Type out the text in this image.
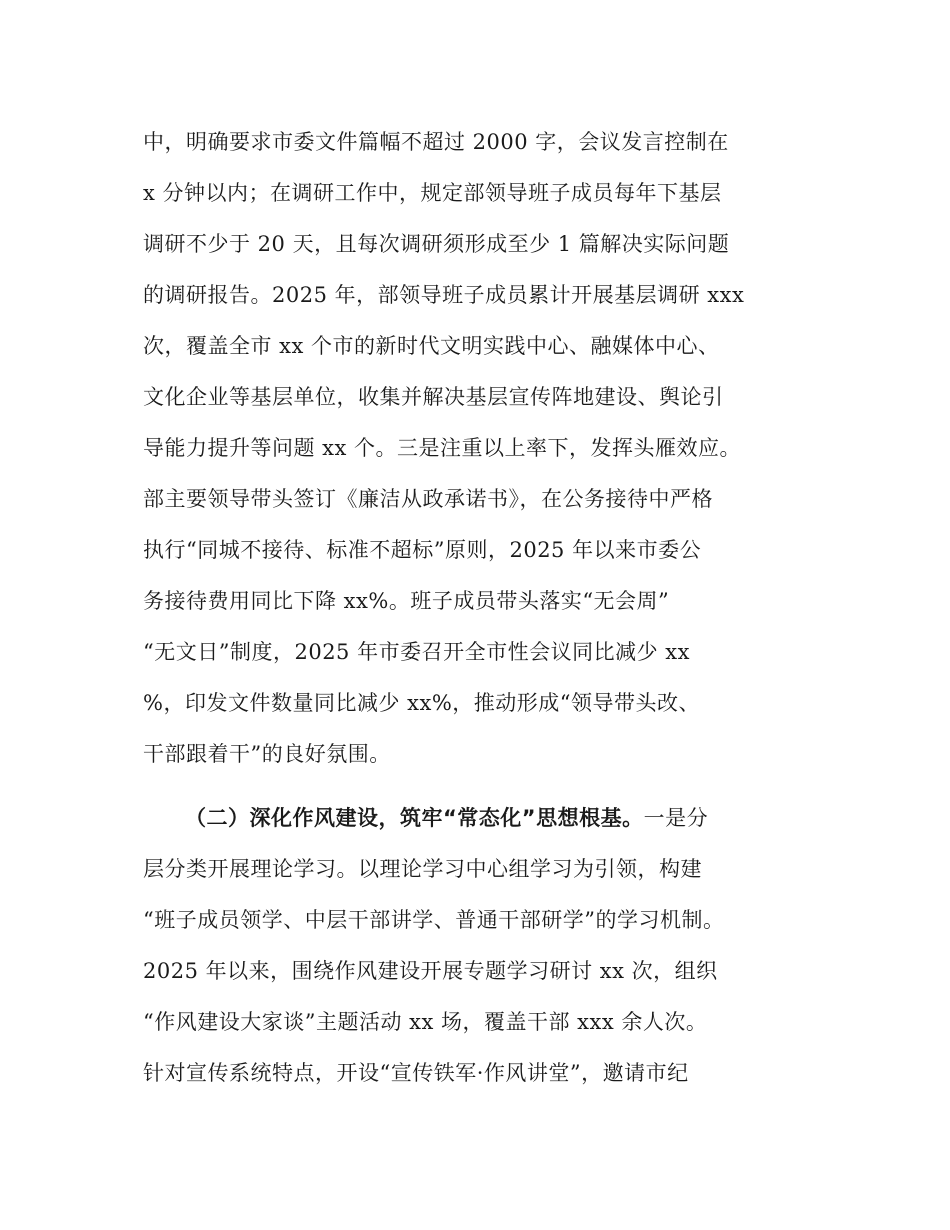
中，明确要求市委文件篇幅不超过 2000 字，会议发言控制在
x 分钟以内；在调研工作中，规定部领导班子成员每年下基层
调研不少于 20 天，且每次调研须形成至少 1 篇解决实际问题
的调研报告。2025 年，部领导班子成员累计开展基层调研 xxx
次，覆盖全市 xx 个市的新时代文明实践中心、融媒体中心、
文化企业等基层单位，收集并解决基层宣传阵地建设、舆论引
导能力提升等问题 xx 个。三是注重以上率下，发挥头雁效应。
部主要领导带头签订《廉洁从政承诺书》，在公务接待中严格
执行“同城不接待、标准不超标”原则，2025 年以来市委公
务接待费用同比下降 xx%。班子成员带头落实“无会周”
“无文日”制度，2025 年市委召开全市性会议同比减少 xx
%，印发文件数量同比减少 xx%，推动形成“领导带头改、
干部跟着干”的良好氛围。
（二）深化作风建设，筑牢“常态化”思想根基。一是分
层分类开展理论学习。以理论学习中心组学习为引领，构建
“班子成员领学、中层干部讲学、普通干部研学”的学习机制。
2025 年以来，围绕作风建设开展专题学习研讨 xx 次，组织
“作风建设大家谈”主题活动 xx 场，覆盖干部 xxx 余人次。
针对宣传系统特点，开设“宣传铁军·作风讲堂”，邀请市纪
